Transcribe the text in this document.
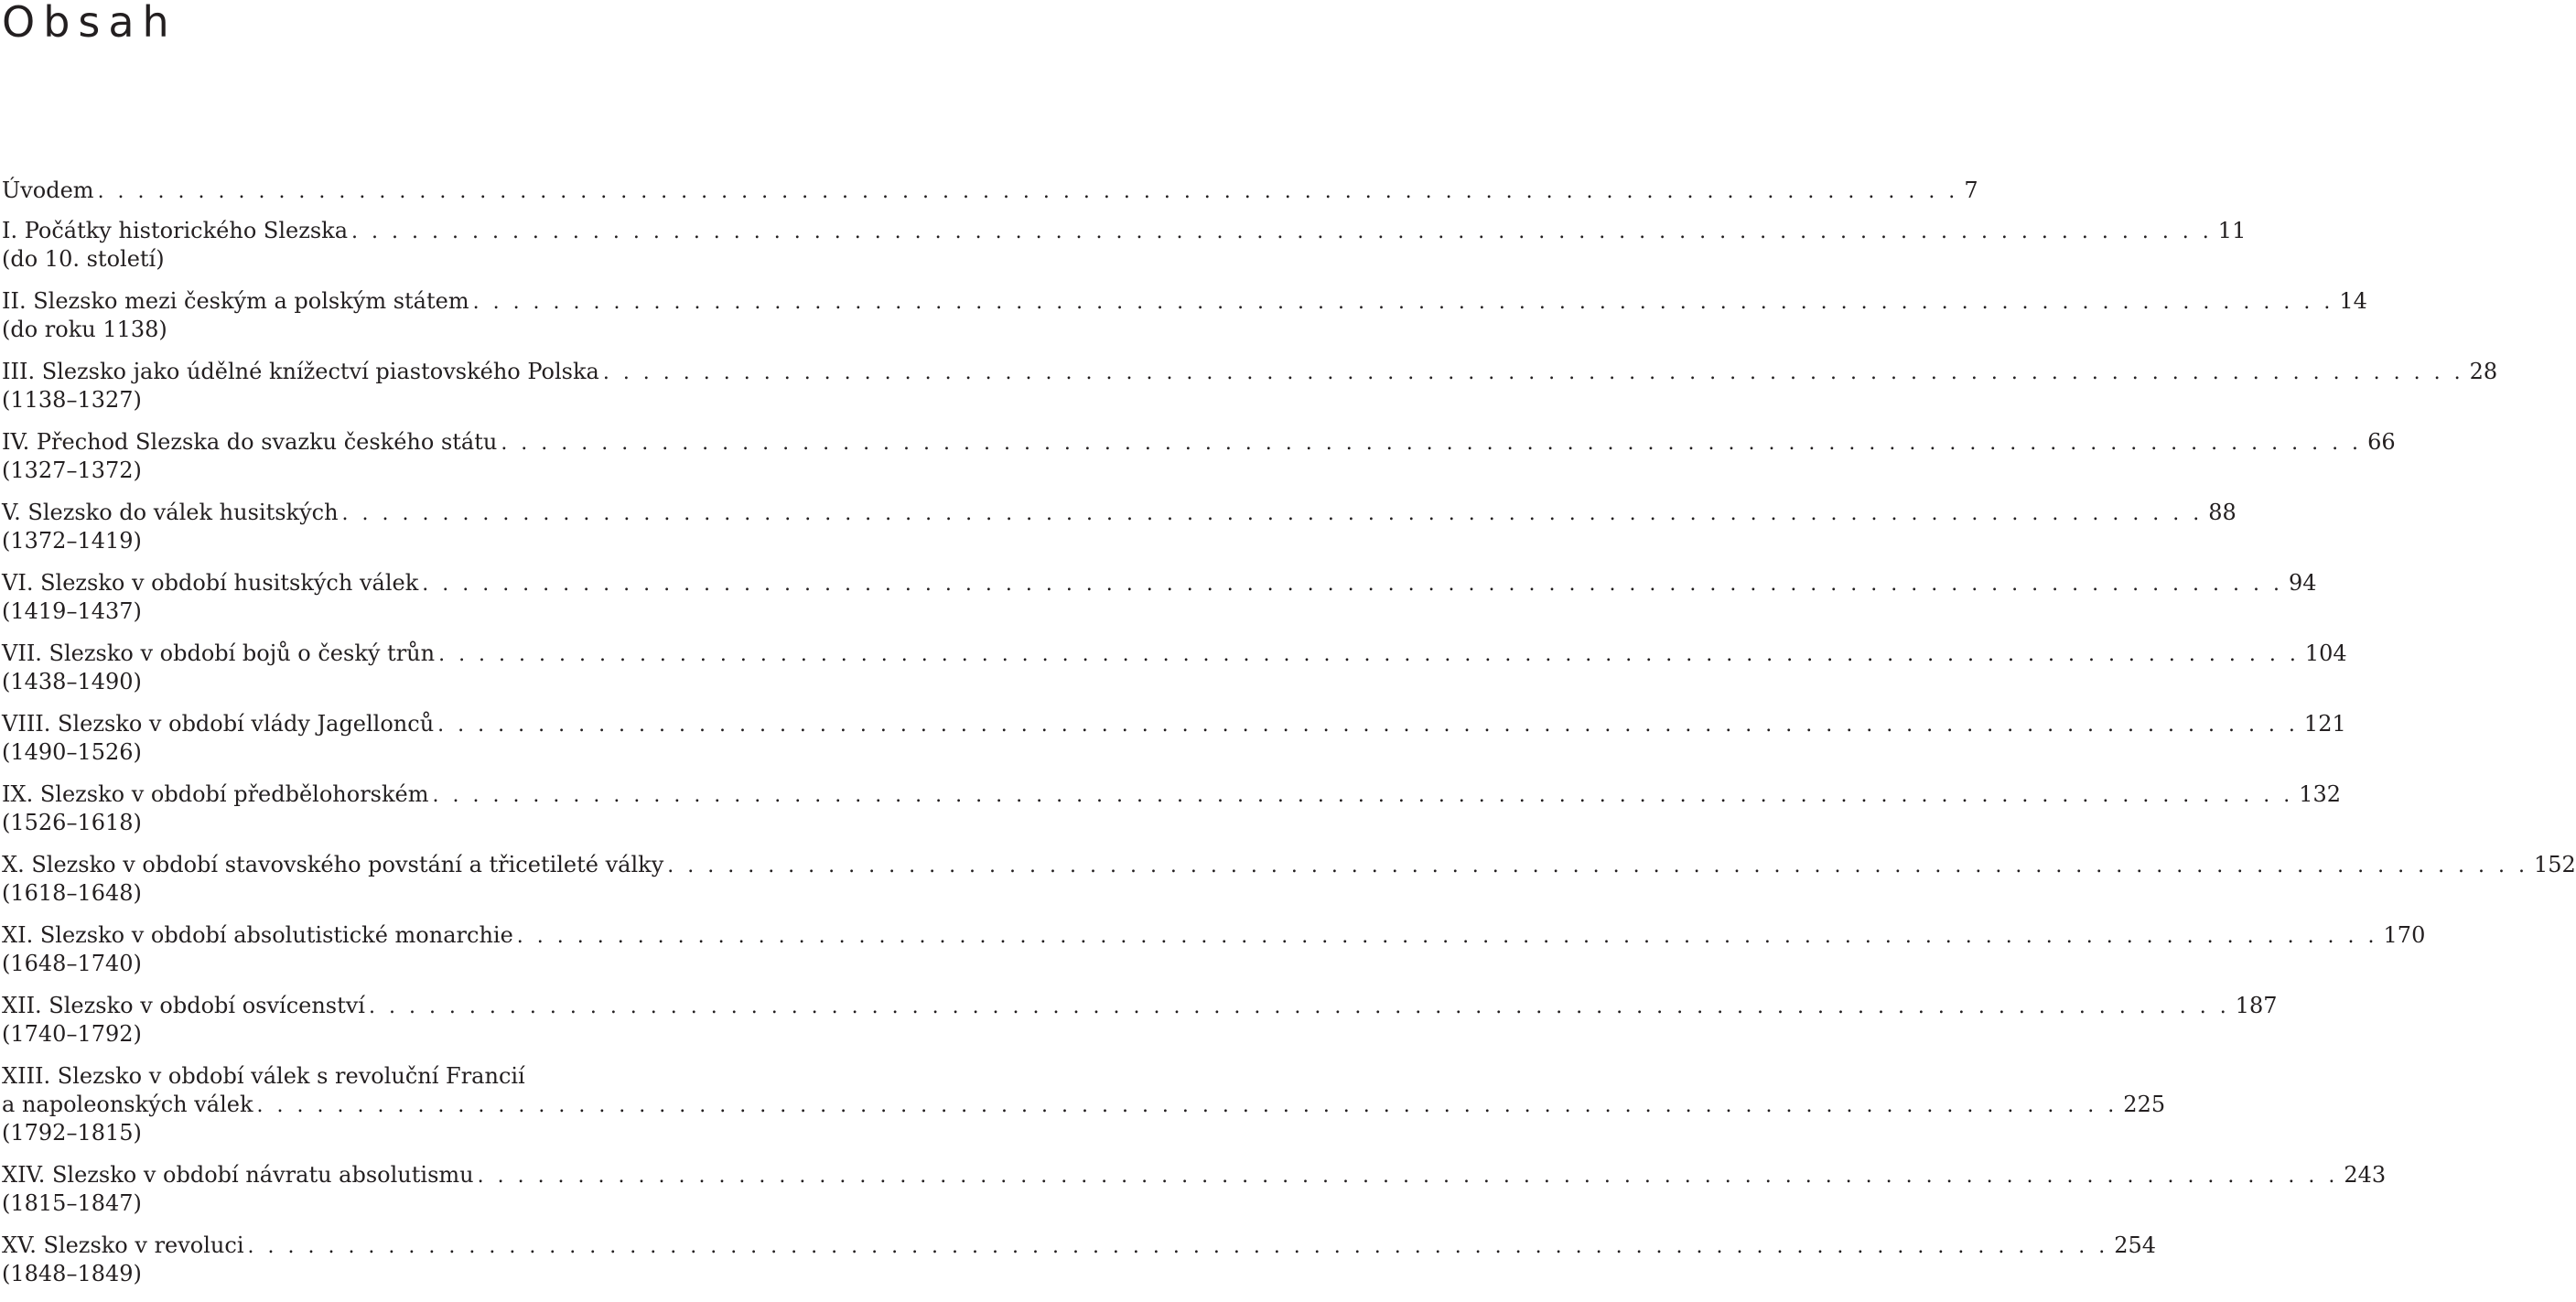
Obsah
Úvodem . . . . . . . . . . . . . . . . . . . . . . . . . . . . . . . . . . . . . . . . . . . . . . . . . . . . . . . . . . . . . . . . . . . . . . . . . . . . . . . . . . . . . . . . . . . . . 7
I. Počátky historického Slezska . . . . . . . . . . . . . . . . . . . . . . . . . . . . . . . . . . . . . . . . . . . . . . . . . . . . . . . . . . . . . . . . . . . . . . . . . . . . . . . . . . . . . . . . . . . . . 11
(do 10. století)
II. Slezsko mezi českým a polským státem . . . . . . . . . . . . . . . . . . . . . . . . . . . . . . . . . . . . . . . . . . . . . . . . . . . . . . . . . . . . . . . . . . . . . . . . . . . . . . . . . . . . . . . . . . . . . 14
(do roku 1138)
III. Slezsko jako údělné knížectví piastovského Polska . . . . . . . . . . . . . . . . . . . . . . . . . . . . . . . . . . . . . . . . . . . . . . . . . . . . . . . . . . . . . . . . . . . . . . . . . . . . . . . . . . . . . . . . . . . . . 28
(1138–1327)
IV. Přechod Slezska do svazku českého státu . . . . . . . . . . . . . . . . . . . . . . . . . . . . . . . . . . . . . . . . . . . . . . . . . . . . . . . . . . . . . . . . . . . . . . . . . . . . . . . . . . . . . . . . . . . . . 66
(1327–1372)
V. Slezsko do válek husitských . . . . . . . . . . . . . . . . . . . . . . . . . . . . . . . . . . . . . . . . . . . . . . . . . . . . . . . . . . . . . . . . . . . . . . . . . . . . . . . . . . . . . . . . . . . . . 88
(1372–1419)
VI. Slezsko v období husitských válek . . . . . . . . . . . . . . . . . . . . . . . . . . . . . . . . . . . . . . . . . . . . . . . . . . . . . . . . . . . . . . . . . . . . . . . . . . . . . . . . . . . . . . . . . . . . . 94
(1419–1437)
VII. Slezsko v období bojů o český trůn . . . . . . . . . . . . . . . . . . . . . . . . . . . . . . . . . . . . . . . . . . . . . . . . . . . . . . . . . . . . . . . . . . . . . . . . . . . . . . . . . . . . . . . . . . . . . 104
(1438–1490)
VIII. Slezsko v období vlády Jagellonců . . . . . . . . . . . . . . . . . . . . . . . . . . . . . . . . . . . . . . . . . . . . . . . . . . . . . . . . . . . . . . . . . . . . . . . . . . . . . . . . . . . . . . . . . . . . . 121
(1490–1526)
IX. Slezsko v období předbělohorském . . . . . . . . . . . . . . . . . . . . . . . . . . . . . . . . . . . . . . . . . . . . . . . . . . . . . . . . . . . . . . . . . . . . . . . . . . . . . . . . . . . . . . . . . . . . . 132
(1526–1618)
X. Slezsko v období stavovského povstání a třicetileté války . . . . . . . . . . . . . . . . . . . . . . . . . . . . . . . . . . . . . . . . . . . . . . . . . . . . . . . . . . . . . . . . . . . . . . . . . . . . . . . . . . . . . . . . . . . . . 152
(1618–1648)
XI. Slezsko v období absolutistické monarchie . . . . . . . . . . . . . . . . . . . . . . . . . . . . . . . . . . . . . . . . . . . . . . . . . . . . . . . . . . . . . . . . . . . . . . . . . . . . . . . . . . . . . . . . . . . . . 170
(1648–1740)
XII. Slezsko v období osvícenství . . . . . . . . . . . . . . . . . . . . . . . . . . . . . . . . . . . . . . . . . . . . . . . . . . . . . . . . . . . . . . . . . . . . . . . . . . . . . . . . . . . . . . . . . . . . . 187
(1740–1792)
XIII. Slezsko v období válek s revoluční Francií
a napoleonských válek . . . . . . . . . . . . . . . . . . . . . . . . . . . . . . . . . . . . . . . . . . . . . . . . . . . . . . . . . . . . . . . . . . . . . . . . . . . . . . . . . . . . . . . . . . . . . 225
(1792–1815)
XIV. Slezsko v období návratu absolutismu . . . . . . . . . . . . . . . . . . . . . . . . . . . . . . . . . . . . . . . . . . . . . . . . . . . . . . . . . . . . . . . . . . . . . . . . . . . . . . . . . . . . . . . . . . . . . 243
(1815–1847)
XV. Slezsko v revoluci . . . . . . . . . . . . . . . . . . . . . . . . . . . . . . . . . . . . . . . . . . . . . . . . . . . . . . . . . . . . . . . . . . . . . . . . . . . . . . . . . . . . . . . . . . . . . 254
(1848–1849)
